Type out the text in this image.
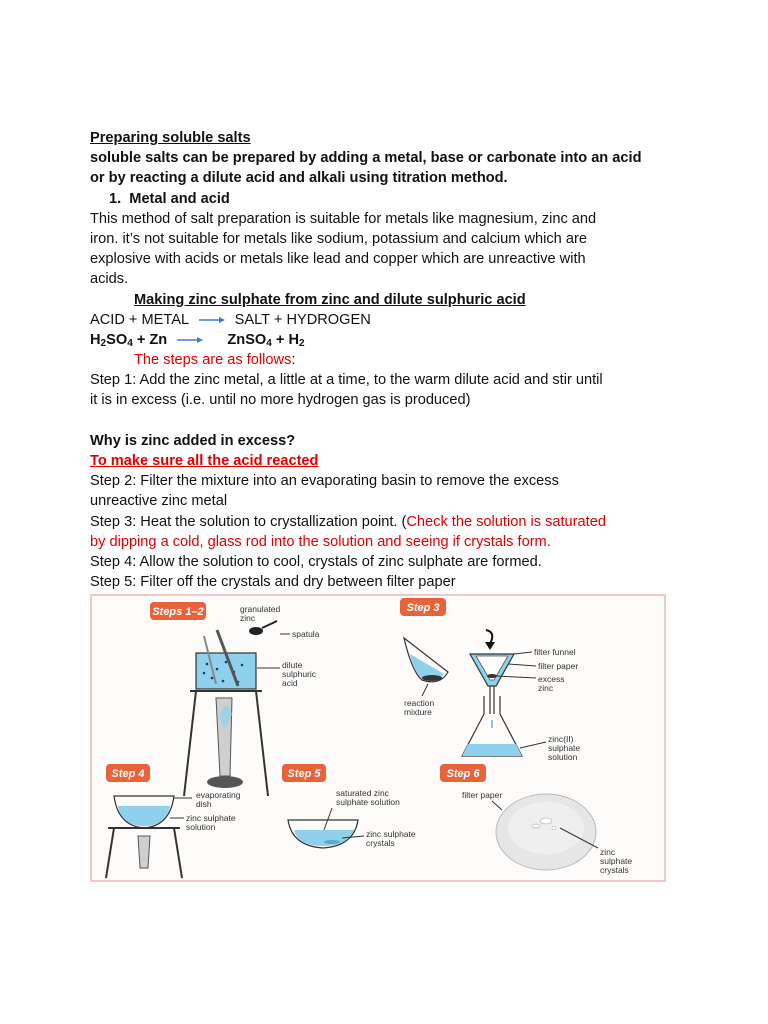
Preparing soluble salts
soluble salts can be prepared by adding a metal, base or carbonate into an acid
or by reacting a dilute acid and alkali using titration method.
1. Metal and acid
This method of salt preparation is suitable for metals like magnesium, zinc and
iron. it’s not suitable for metals like sodium, potassium and calcium which are
explosive with acids or metals like lead and copper which are unreactive with
acids.
Making zinc sulphate from zinc and dilute sulphuric acid
ACID + METAL	SALT + HYDROGEN
$H_2SO_4 + Zn$	ZnSO$_4$ + $H_2$
The steps are as follows:
Step 1: Add the zinc metal, a little at a time, to the warm dilute acid and stir until
it is in excess (i.e. until no more hydrogen gas is produced)
Why is zinc added in excess?
To make sure all the acid reacted
Step 2: Filter the mixture into an evaporating basin to remove the excess
unreactive zinc metal
Step 3: Heat the solution to crystallization point. (Check the solution is saturated
by dipping a cold, glass rod into the solution and seeing if crystals form.
Step 4: Allow the solution to cool, crystals of zinc sulphate are formed.
Step 5: Filter off the crystals and dry between filter paper
Steps 1–2	granulated
zinc
spatula
dilute
sulphuric
acid
Step 3
reaction
mixture
filter funnel
filter paper
excess
zinc
zinc(II)
sulphate
solution
Step 4
evaporating
dish
zinc sulphate
solution
Step 5
saturated zinc
sulphate solution
zinc sulphate
crystals
Step 6
filter paper
zinc
sulphate
crystals
